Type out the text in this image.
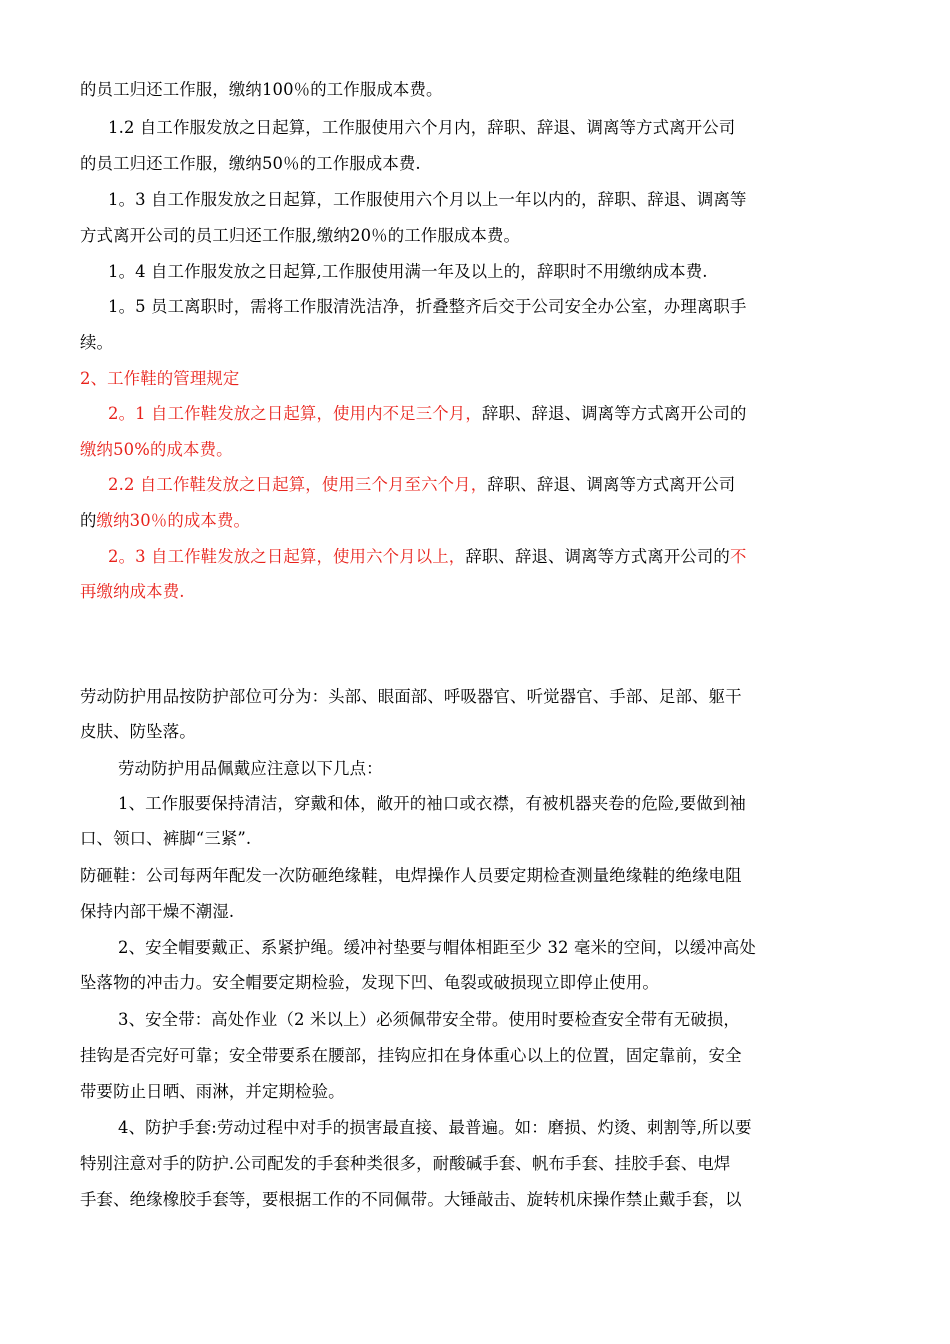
的员工归还工作服，缴纳100％的工作服成本费。
1.2 自工作服发放之日起算，工作服使用六个月内，辞职、辞退、调离等方式离开公司
的员工归还工作服，缴纳50％的工作服成本费.
1。3 自工作服发放之日起算，工作服使用六个月以上一年以内的，辞职、辞退、调离等
方式离开公司的员工归还工作服,缴纳20％的工作服成本费。
1。4 自工作服发放之日起算,工作服使用满一年及以上的，辞职时不用缴纳成本费.
1。5 员工离职时，需将工作服清洗洁净，折叠整齐后交于公司安全办公室，办理离职手
续。
2、工作鞋的管理规定
2。1 自工作鞋发放之日起算，使用内不足三个月，辞职、辞退、调离等方式离开公司的
缴纳50%的成本费。
2.2 自工作鞋发放之日起算，使用三个月至六个月，辞职、辞退、调离等方式离开公司
的缴纳30％的成本费。
2。3 自工作鞋发放之日起算，使用六个月以上，辞职、辞退、调离等方式离开公司的不
再缴纳成本费.
劳动防护用品按防护部位可分为：头部、眼面部、呼吸器官、听觉器官、手部、足部、躯干
皮肤、防坠落。
劳动防护用品佩戴应注意以下几点：
1、工作服要保持清洁，穿戴和体，敞开的袖口或衣襟，有被机器夹卷的危险,要做到袖
口、领口、裤脚“三紧”.
防砸鞋：公司每两年配发一次防砸绝缘鞋，电焊操作人员要定期检查测量绝缘鞋的绝缘电阻
保持内部干燥不潮湿.
2、安全帽要戴正、系紧护绳。缓冲衬垫要与帽体相距至少 32 毫米的空间，以缓冲高处
坠落物的冲击力。安全帽要定期检验，发现下凹、龟裂或破损现立即停止使用。
3、安全带：高处作业（2 米以上）必须佩带安全带。使用时要检查安全带有无破损，
挂钩是否完好可靠；安全带要系在腰部，挂钩应扣在身体重心以上的位置，固定靠前，安全
带要防止日晒、雨淋，并定期检验。
4、防护手套:劳动过程中对手的损害最直接、最普遍。如：磨损、灼烫、刺割等,所以要
特别注意对手的防护.公司配发的手套种类很多，耐酸碱手套、帆布手套、挂胶手套、电焊
手套、绝缘橡胶手套等，要根据工作的不同佩带。大锤敲击、旋转机床操作禁止戴手套，以
